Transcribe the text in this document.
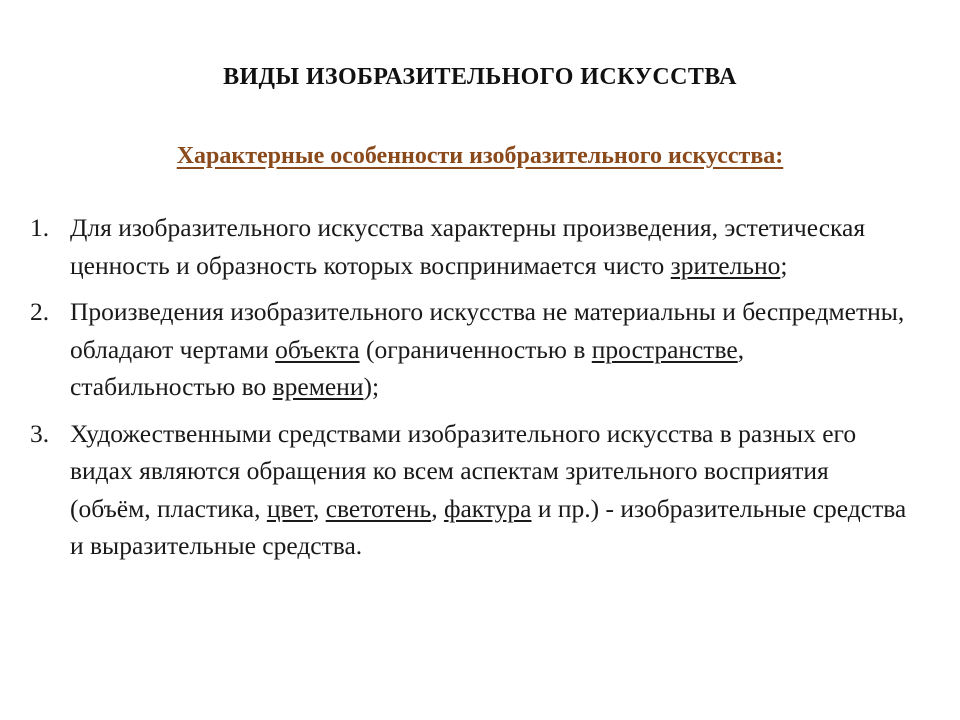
ВИДЫ ИЗОБРАЗИТЕЛЬНОГО ИСКУССТВА
Характерные особенности изобразительного искусства:
1. Для изобразительного искусства характерны произведения, эстетическая ценность и образность которых воспринимается чисто зрительно;
2. Произведения изобразительного искусства не материальны и беспредметны, обладают чертами объекта (ограниченностью в пространстве, стабильностью во времени);
3. Художественными средствами изобразительного искусства в разных его видах являются обращения ко всем аспектам зрительного восприятия (объём, пластика, цвет, светотень, фактура и пр.) - изобразительные средства и выразительные средства.
